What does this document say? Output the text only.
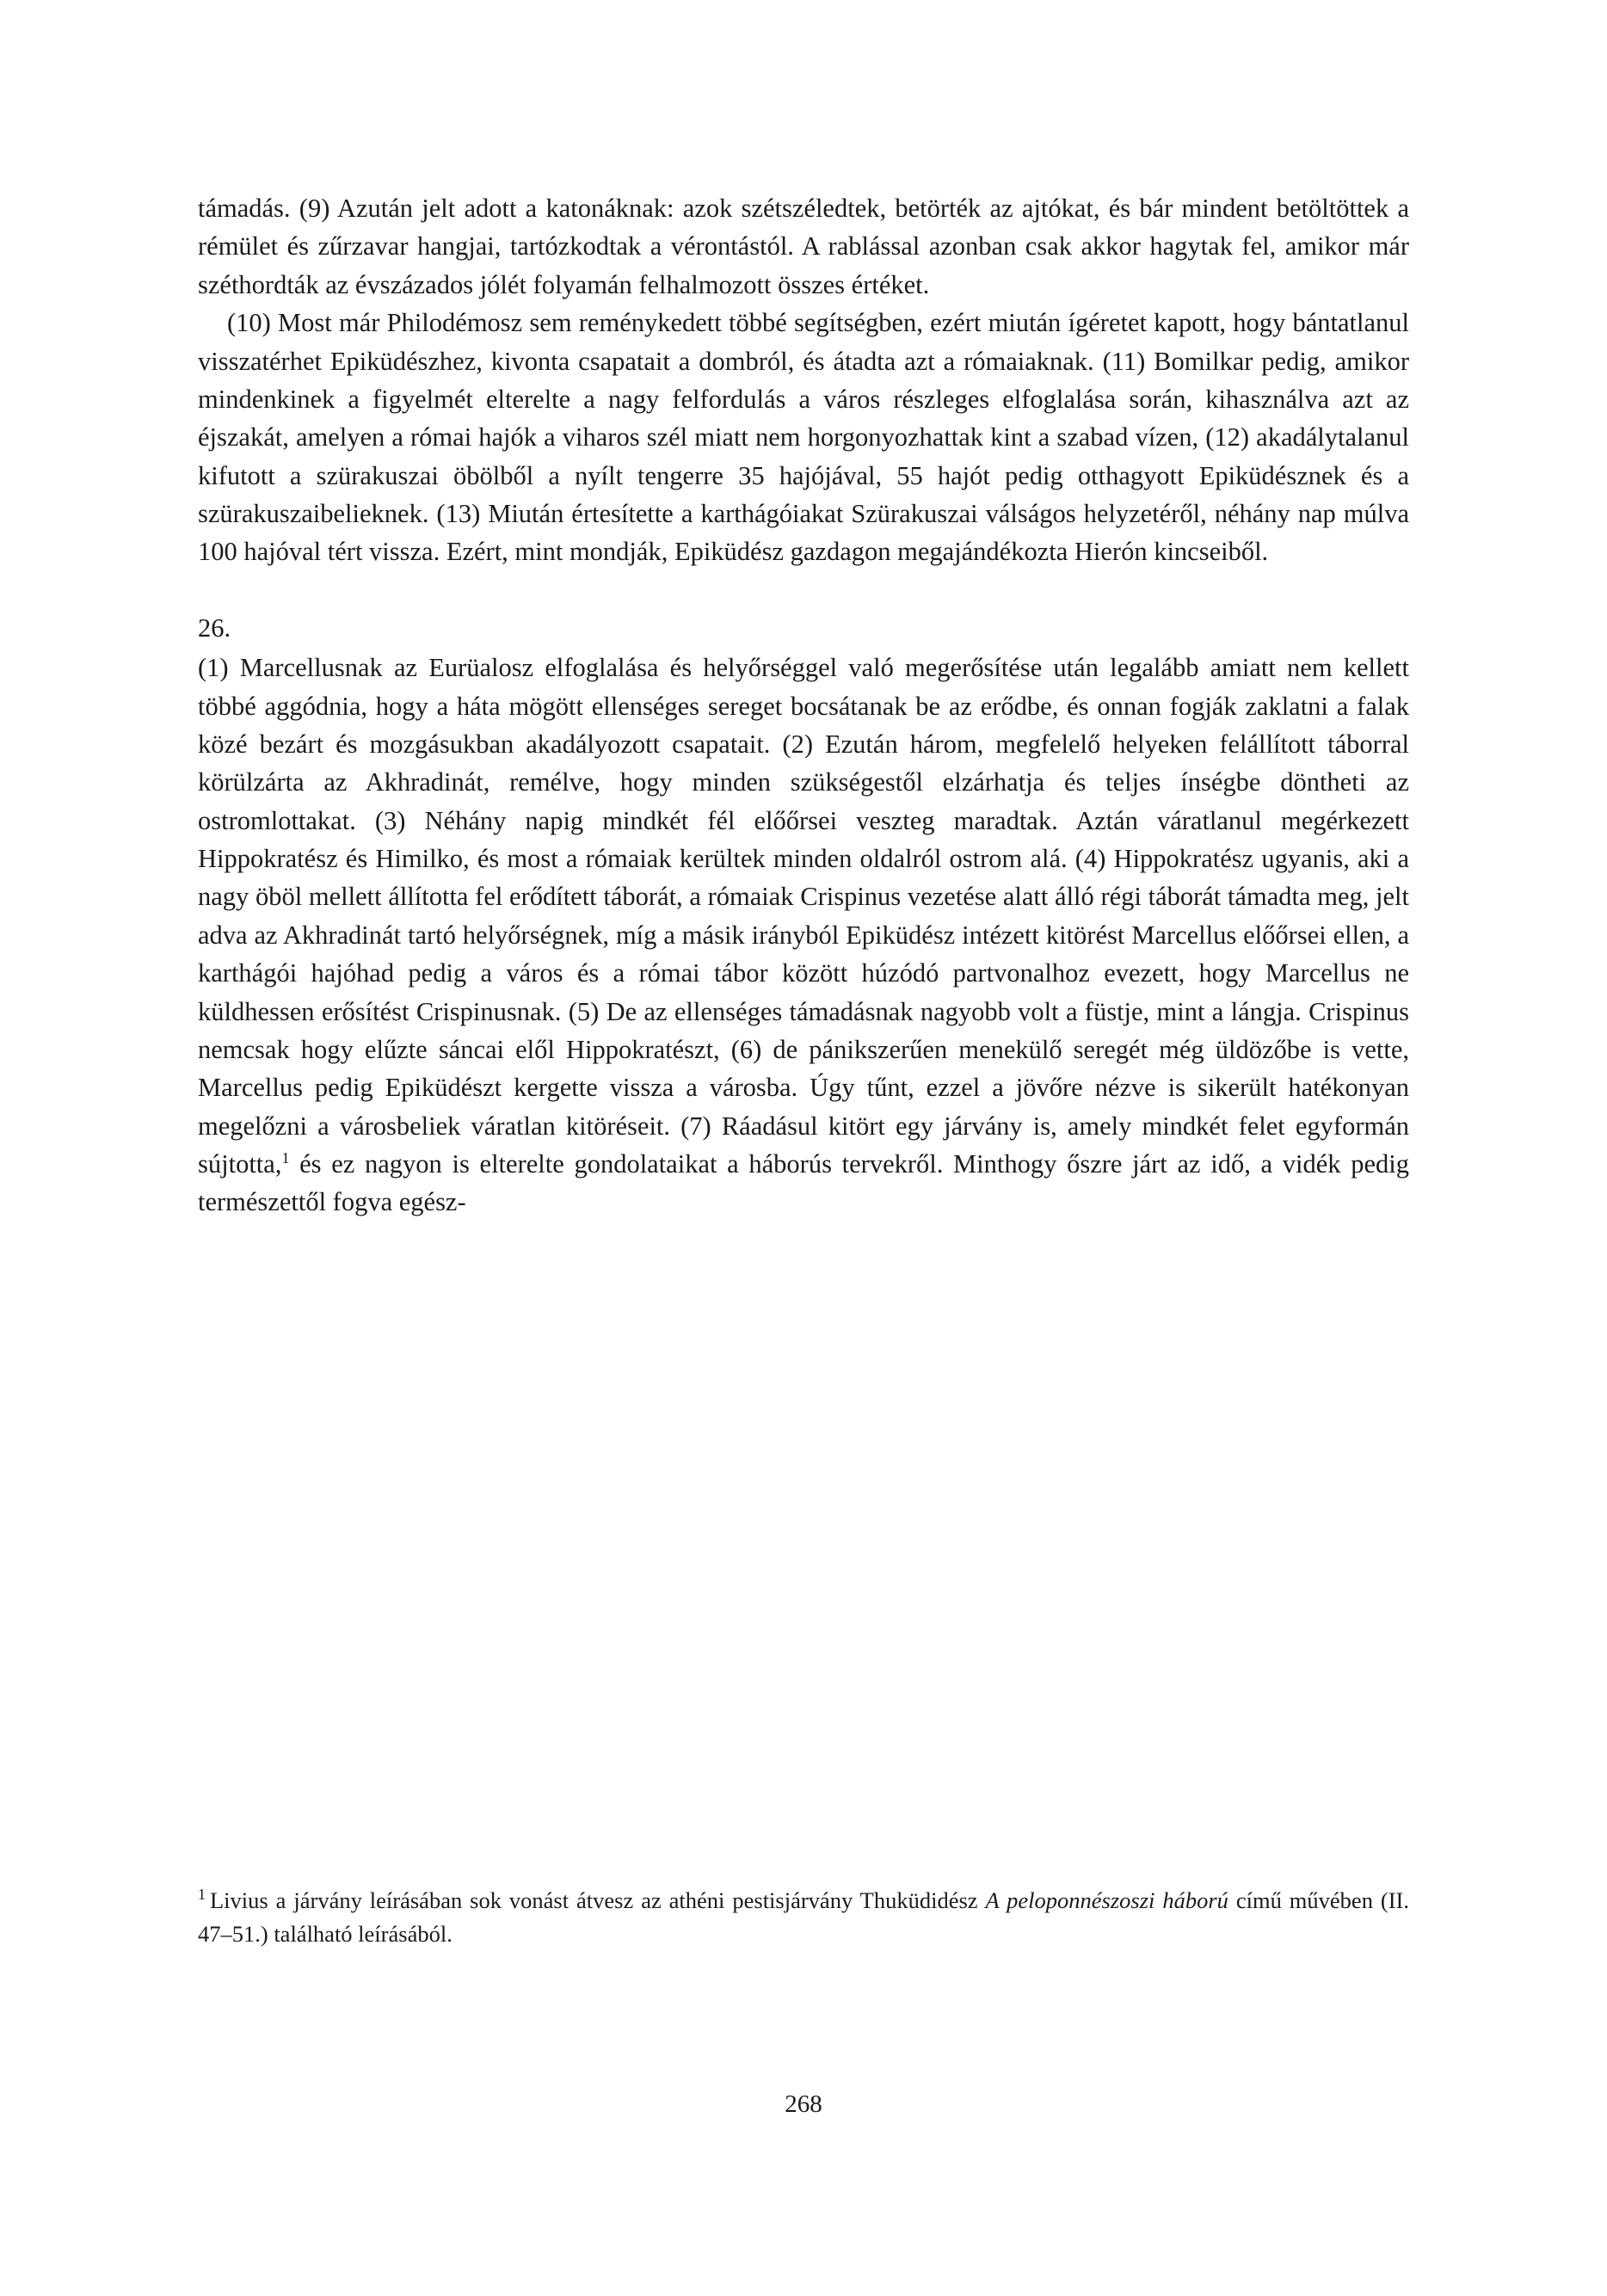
támadás. (9) Azután jelt adott a katonáknak: azok szétszéledtek, betörték az ajtókat, és bár mindent betöltöttek a rémület és zűrzavar hangjai, tartózkodtak a vérontástól. A rablással azonban csak akkor hagytak fel, amikor már széthordták az évszázados jólét folyamán felhalmozott összes értéket.

(10) Most már Philodémosz sem reménykedett többé segítségben, ezért miután ígéretet kapott, hogy bántatlanul visszatérhet Epiküdészhez, kivonta csapatait a dombról, és átadta azt a rómaiaknak. (11) Bomilkar pedig, amikor mindenkinek a figyelmét elterelte a nagy felfordulás a város részleges elfoglalása során, kihasználva azt az éjszakát, amelyen a római hajók a viharos szél miatt nem horgonyozhattak kint a szabad vízen, (12) akadálytalanul kifutott a szürakuszai öbölből a nyílt tengerre 35 hajójával, 55 hajót pedig otthagyott Epiküdésznek és a szürakuszaibelieknek. (13) Miután értesítette a karthágóiakat Szürakuszai válságos helyzetéről, néhány nap múlva 100 hajóval tért vissza. Ezért, mint mondják, Epiküdész gazdagon megajándékozta Hierón kincseiből.

26.

(1) Marcellusnak az Eurüalosz elfoglalása és helyőrséggel való megerősítése után legalább amiatt nem kellett többé aggódnia, hogy a háta mögött ellenséges sereget bocsátanak be az erődbe, és onnan fogják zaklatni a falak közé bezárt és mozgásukban akadályozott csapatait. (2) Ezután három, megfelelő helyeken felállított táborral körülzárta az Akhradinát, remélve, hogy minden szükségestől elzárhatja és teljes ínségbe döntheti az ostromlottakat. (3) Néhány napig mindkét fél előőrsei veszteg maradtak. Aztán váratlanul megérkezett Hippokratész és Himilko, és most a rómaiak kerültek minden oldalról ostrom alá. (4) Hippokratész ugyanis, aki a nagy öböl mellett állította fel erődített táborát, a rómaiak Crispinus vezetése alatt álló régi táborát támadta meg, jelt adva az Akhradinát tartó helyőrségnek, míg a másik irányból Epiküdész intézett kitörést Marcellus előőrsei ellen, a karthágói hajóhad pedig a város és a római tábor között húzódó partvonalhoz evezett, hogy Marcellus ne küldhessen erősítést Crispinusnak. (5) De az ellenséges támadásnak nagyobb volt a füstje, mint a lángja. Crispinus nemcsak hogy elűzte sáncai elől Hippokratészt, (6) de pánikszerűen menekülő seregét még üldözőbe is vette, Marcellus pedig Epiküdészt kergette vissza a városba. Úgy tűnt, ezzel a jövőre nézve is sikerült hatékonyan megelőzni a városbeliek váratlan kitöréseit. (7) Ráadásul kitört egy járvány is, amely mindkét felet egyformán sújtotta,$^1$ és ez nagyon is elterelte gondolataikat a háborús tervekről. Minthogy őszre járt az idő, a vidék pedig természettől fogva egész-

$^1$ Livius a járvány leírásában sok vonást átvesz az athéni pestisjárvány Thuküdidész A peloponnészoszi háború című művében (II. 47–51.) található leírásából.

268
